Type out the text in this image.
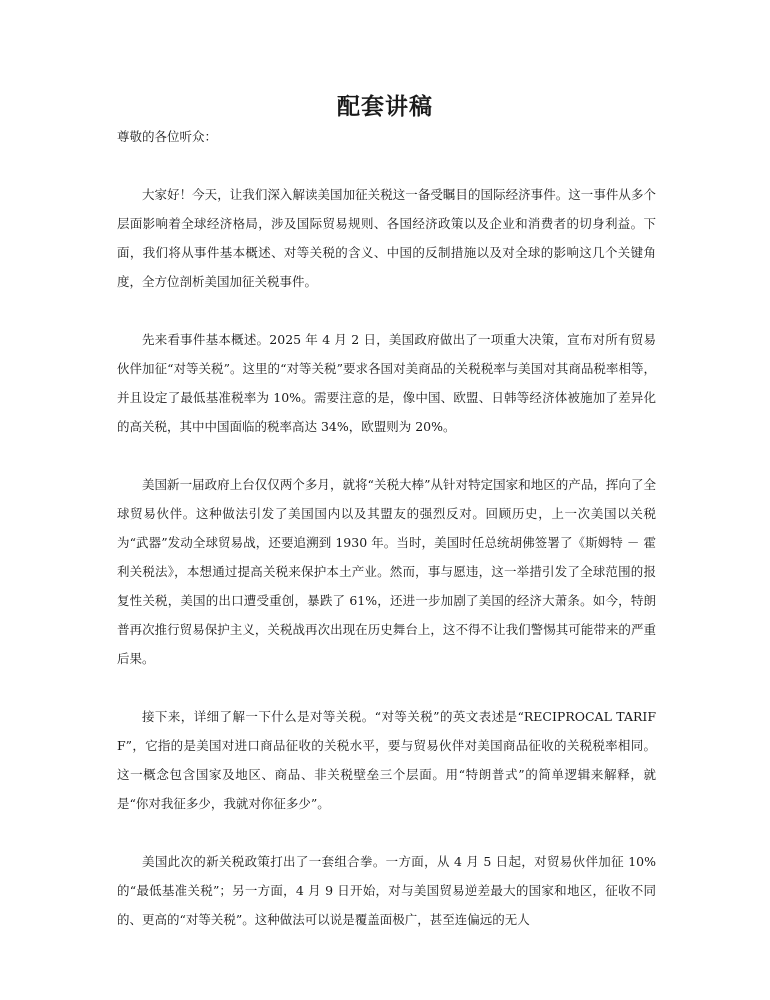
配套讲稿

尊敬的各位听众：

大家好！今天，让我们深入解读美国加征关税这一备受瞩目的国际经济事件。这一事件从多个层面影响着全球经济格局，涉及国际贸易规则、各国经济政策以及企业和消费者的切身利益。下面，我们将从事件基本概述、对等关税的含义、中国的反制措施以及对全球的影响这几个关键角度，全方位剖析美国加征关税事件。

先来看事件基本概述。2025 年 4 月 2 日，美国政府做出了一项重大决策，宣布对所有贸易伙伴加征“对等关税”。这里的“对等关税”要求各国对美商品的关税税率与美国对其商品税率相等，并且设定了最低基准税率为 10%。需要注意的是，像中国、欧盟、日韩等经济体被施加了差异化的高关税，其中中国面临的税率高达 34%，欧盟则为 20%。

美国新一届政府上台仅仅两个多月，就将“关税大棒”从针对特定国家和地区的产品，挥向了全球贸易伙伴。这种做法引发了美国国内以及其盟友的强烈反对。回顾历史，上一次美国以关税为“武器”发动全球贸易战，还要追溯到 1930 年。当时，美国时任总统胡佛签署了《斯姆特 － 霍利关税法》，本想通过提高关税来保护本土产业。然而，事与愿违，这一举措引发了全球范围的报复性关税，美国的出口遭受重创，暴跌了 61%，还进一步加剧了美国的经济大萧条。如今，特朗普再次推行贸易保护主义，关税战再次出现在历史舞台上，这不得不让我们警惕其可能带来的严重后果。

接下来，详细了解一下什么是对等关税。“对等关税”的英文表述是“RECIPROCAL TARIFF”，它指的是美国对进口商品征收的关税水平，要与贸易伙伴对美国商品征收的关税税率相同。这一概念包含国家及地区、商品、非关税壁垒三个层面。用“特朗普式”的简单逻辑来解释，就是“你对我征多少，我就对你征多少”。

美国此次的新关税政策打出了一套组合拳。一方面，从 4 月 5 日起，对贸易伙伴加征 10%的“最低基准关税”；另一方面，4 月 9 日开始，对与美国贸易逆差最大的国家和地区，征收不同的、更高的“对等关税”。这种做法可以说是覆盖面极广，甚至连偏远的无人
